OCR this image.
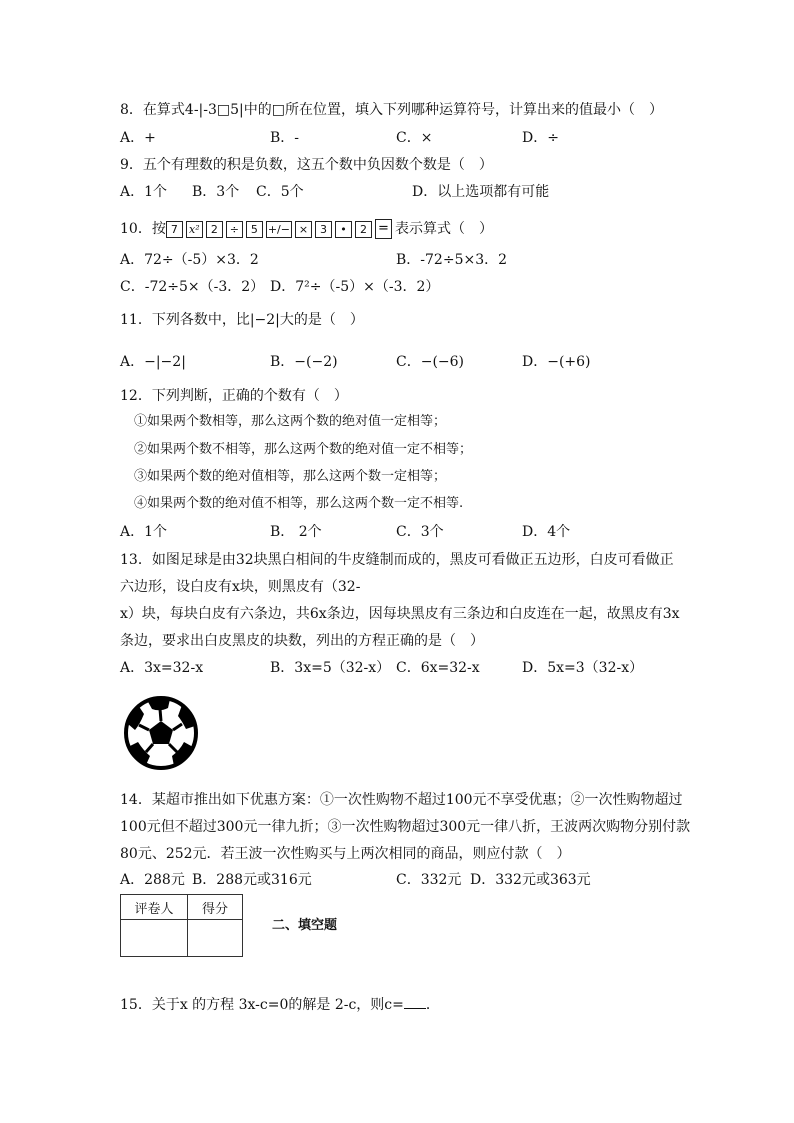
8．在算式4-|-3□5|中的□所在位置，填入下列哪种运算符号，计算出来的值最小（　）
A．+	B．-	C．×	D．÷
9．五个有理数的积是负数，这五个数中负因数个数是（　）
A．1个 B．3个 C．5个	D．以上选项都有可能
10．按 7 x² 2 ÷ 5 +/− × 3 • 2 = 表示算式（　）
A．72÷（-5）×3．2	B．-72÷5×3．2
C．-72÷5×（-3．2） D．7²÷（-5）×（-3．2）
11．下列各数中，比|−2|大的是（　）
A．−|−2|	B．−(−2)	C．−(−6)	D．−(+6)
12．下列判断，正确的个数有（　）
①如果两个数相等，那么这两个数的绝对值一定相等；
②如果两个数不相等，那么这两个数的绝对值一定不相等；
③如果两个数的绝对值相等，那么这两个数一定相等；
④如果两个数的绝对值不相等，那么这两个数一定不相等.
A．1个	B． 2个	C．3个	D．4个
13．如图足球是由32块黑白相间的牛皮缝制而成的，黑皮可看做正五边形，白皮可看做正
六边形，设白皮有x块，则黑皮有（32-
x）块，每块白皮有六条边，共6x条边，因每块黑皮有三条边和白皮连在一起，故黑皮有3x
条边，要求出白皮黑皮的块数，列出的方程正确的是（　）
A．3x=32-x	B．3x=5（32-x） C．6x=32-x	D．5x=3（32-x）
14．某超市推出如下优惠方案：①一次性购物不超过100元不享受优惠；②一次性购物超过
100元但不超过300元一律九折；③一次性购物超过300元一律八折，王波两次购物分别付款
80元、252元．若王波一次性购买与上两次相同的商品，则应付款（　）
A．288元 B．288元或316元	C．332元 D．332元或363元
评卷人	得分

二、填空题
15．关于x 的方程 3x-c=0的解是 2-c，则c= ．
